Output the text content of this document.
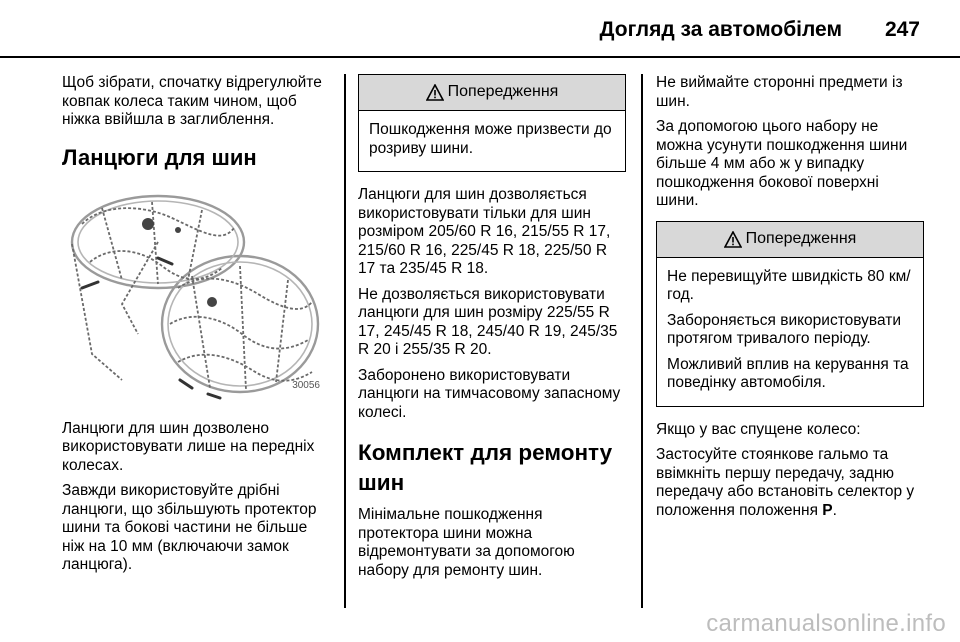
Догляд за автомобілем 247

Щоб зібрати, спочатку відрегулюйте ковпак колеса таким чином, щоб ніжка ввійшла в заглиблення.

Ланцюги для шин
30056

Ланцюги для шин дозволено використовувати лише на передніх колесах.

Завжди використовуйте дрібні ланцюги, що збільшують протектор шини та бокові частини не більше ніж на 10 мм (включаючи замок ланцюга).

Попередження

Пошкодження може призвести до розриву шини.

Ланцюги для шин дозволяється використовувати тільки для шин розміром 205/60 R 16, 215/55 R 17, 215/60 R 16, 225/45 R 18, 225/50 R 17 та 235/45 R 18.

Не дозволяється використовувати ланцюги для шин розміру 225/55 R 17, 245/45 R 18, 245/40 R 19, 245/35 R 20 і 255/35 R 20.

Заборонено використовувати ланцюги на тимчасовому запасному колесі.

Комплект для ремонту шин

Мінімальне пошкодження протектора шини можна відремонтувати за допомогою набору для ремонту шин.

Не виймайте сторонні предмети із шин.

За допомогою цього набору не можна усунути пошкодження шини більше 4 мм або ж у випадку пошкодження бокової поверхні шини.

Попередження

Не перевищуйте швидкість 80 км/год.

Забороняється використовувати протягом тривалого періоду.

Можливий вплив на керування та поведінку автомобіля.

Якщо у вас спущене колесо:

Застосуйте стоянкове гальмо та ввімкніть першу передачу, задню передачу або встановіть селектор у положення положення P.

carmanualsonline.info
